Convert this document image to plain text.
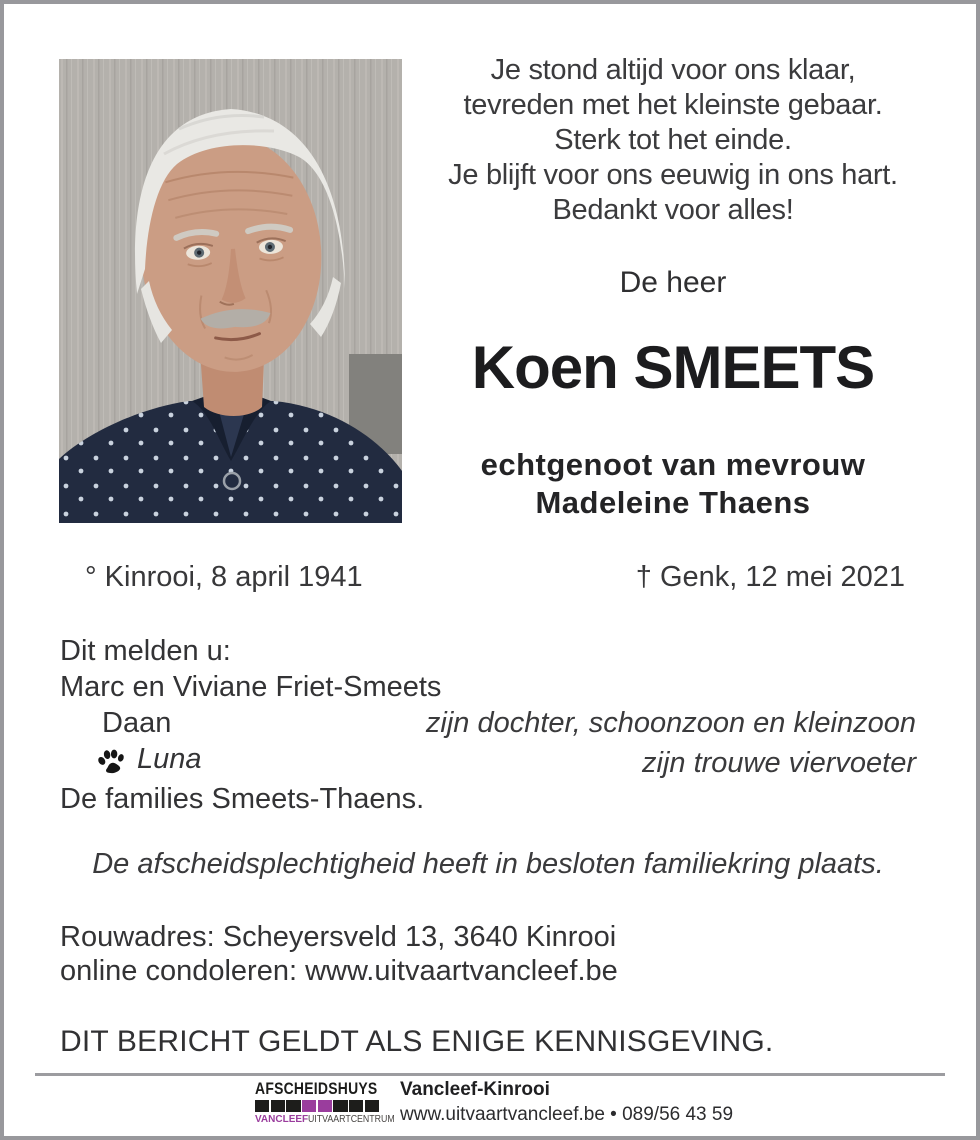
Je stond altijd voor ons klaar,
tevreden met het kleinste gebaar.
Sterk tot het einde.
Je blijft voor ons eeuwig in ons hart.
Bedankt voor alles!
De heer
Koen SMEETS
echtgenoot van mevrouw
Madeleine Thaens
° Kinrooi, 8 april 1941	† Genk, 12 mei 2021
Dit melden u:
Marc en Viviane Friet-Smeets
Daan	zijn dochter, schoonzoon en kleinzoon
Luna	zijn trouwe viervoeter
De families Smeets-Thaens.
De afscheidsplechtigheid heeft in besloten familiekring plaats.
Rouwadres: Scheyersveld 13, 3640 Kinrooi
online condoleren: www.uitvaartvancleef.be
DIT BERICHT GELDT ALS ENIGE KENNISGEVING.
AFSCHEIDSHUYS
VANCLEEF UITVAARTCENTRUM
Vancleef-Kinrooi
www.uitvaartvancleef.be • 089/56 43 59
